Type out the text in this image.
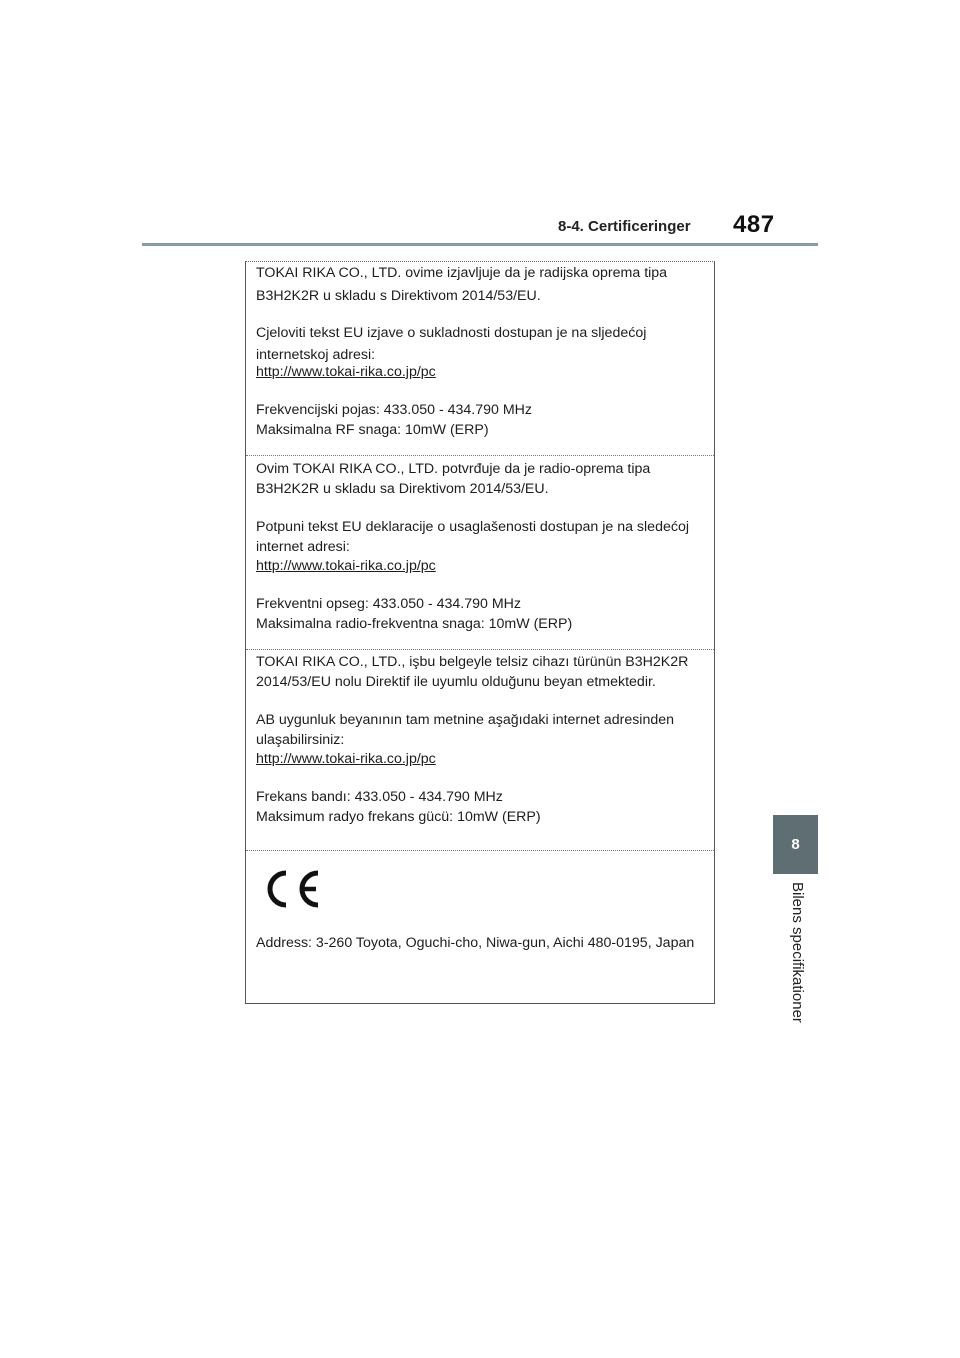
8-4. Certificeringer 487
8
Bilens specifikationer
TOKAI RIKA CO., LTD. ovime izjavljuje da je radijska oprema tipa
B3H2K2R u skladu s Direktivom 2014/53/EU.
Cjeloviti tekst EU izjave o sukladnosti dostupan je na sljedećoj
internetskoj adresi:
http://www.tokai-rika.co.jp/pc
Frekvencijski pojas: 433.050 - 434.790 MHz
Maksimalna RF snaga: 10mW (ERP)
Ovim TOKAI RIKA CO., LTD. potvrđuje da je radio-oprema tipa
B3H2K2R u skladu sa Direktivom 2014/53/EU.
Potpuni tekst EU deklaracije o usaglašenosti dostupan je na sledećoj
internet adresi:
http://www.tokai-rika.co.jp/pc
Frekventni opseg: 433.050 - 434.790 MHz
Maksimalna radio-frekventna snaga: 10mW (ERP)
TOKAI RIKA CO., LTD., işbu belgeyle telsiz cihazı türünün B3H2K2R
2014/53/EU nolu Direktif ile uyumlu olduğunu beyan etmektedir.
AB uygunluk beyanının tam metnine aşağıdaki internet adresinden
ulaşabilirsiniz:
http://www.tokai-rika.co.jp/pc
Frekans bandı: 433.050 - 434.790 MHz
Maksimum radyo frekans gücü: 10mW (ERP)
Address: 3-260 Toyota, Oguchi-cho, Niwa-gun, Aichi 480-0195, Japan
